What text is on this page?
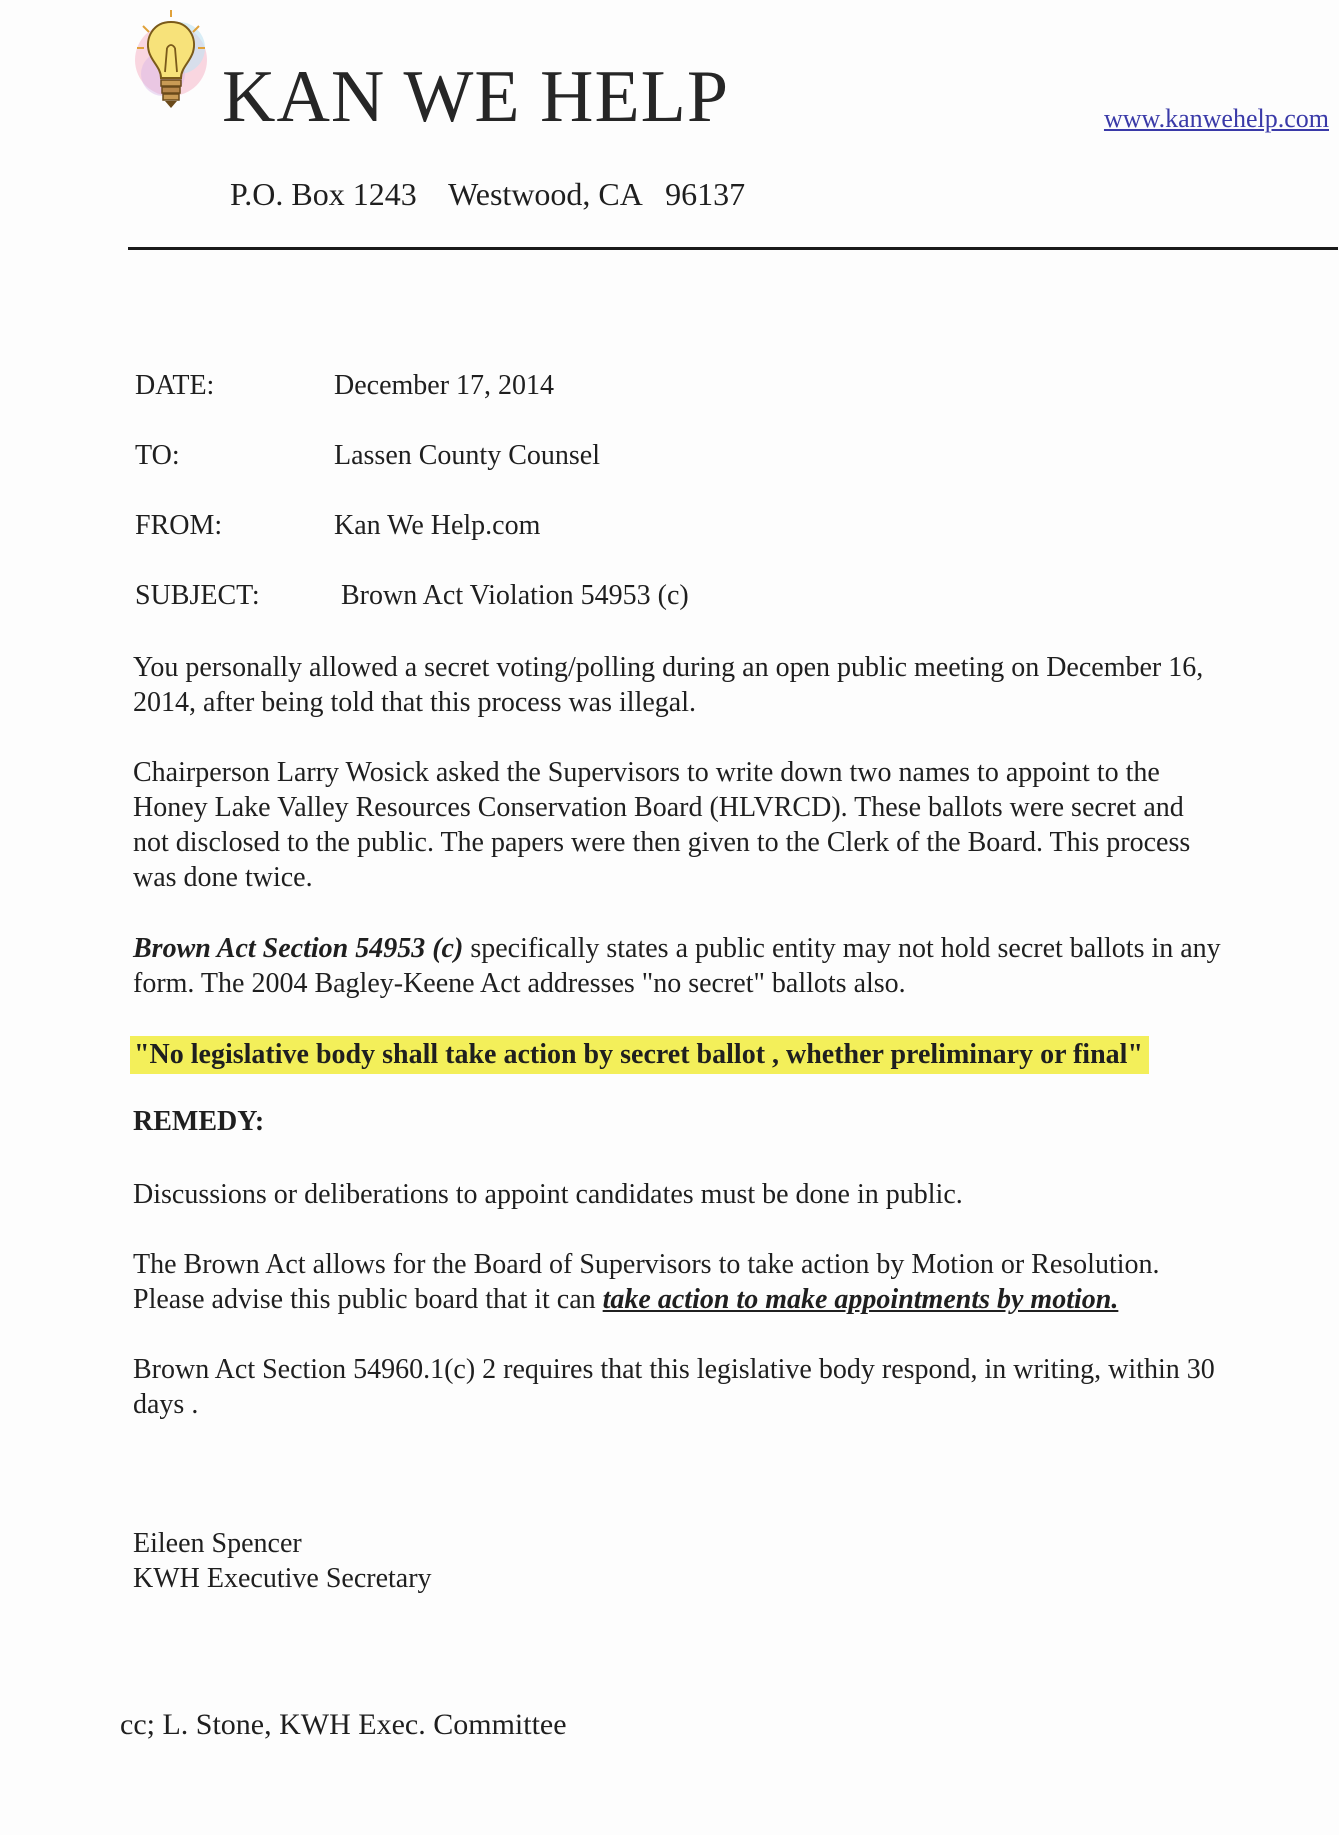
KAN WE HELP	www.kanwehelp.com
P.O. Box 1243    Westwood, CA   96137
DATE:	December 17, 2014
TO:	Lassen County Counsel
FROM:	Kan We Help.com
SUBJECT:	Brown Act Violation 54953 (c)
You personally allowed a secret voting/polling during an open public meeting on December 16,
2014, after being told that this process was illegal.
Chairperson Larry Wosick asked the Supervisors to write down two names to appoint to the
Honey Lake Valley Resources Conservation Board (HLVRCD). These ballots were secret and
not disclosed to the public. The papers were then given to the Clerk of the Board. This process
was done twice.
Brown Act Section 54953 (c) specifically states a public entity may not hold secret ballots in any
form. The 2004 Bagley-Keene Act addresses "no secret" ballots also.
"No legislative body shall take action by secret ballot , whether preliminary or final"
REMEDY:
Discussions or deliberations to appoint candidates must be done in public.
The Brown Act allows for the Board of Supervisors to take action by Motion or Resolution.
Please advise this public board that it can take action to make appointments by motion.
Brown Act Section 54960.1(c) 2 requires that this legislative body respond, in writing, within 30
days .
Eileen Spencer
KWH Executive Secretary
cc; L. Stone, KWH Exec. Committee
